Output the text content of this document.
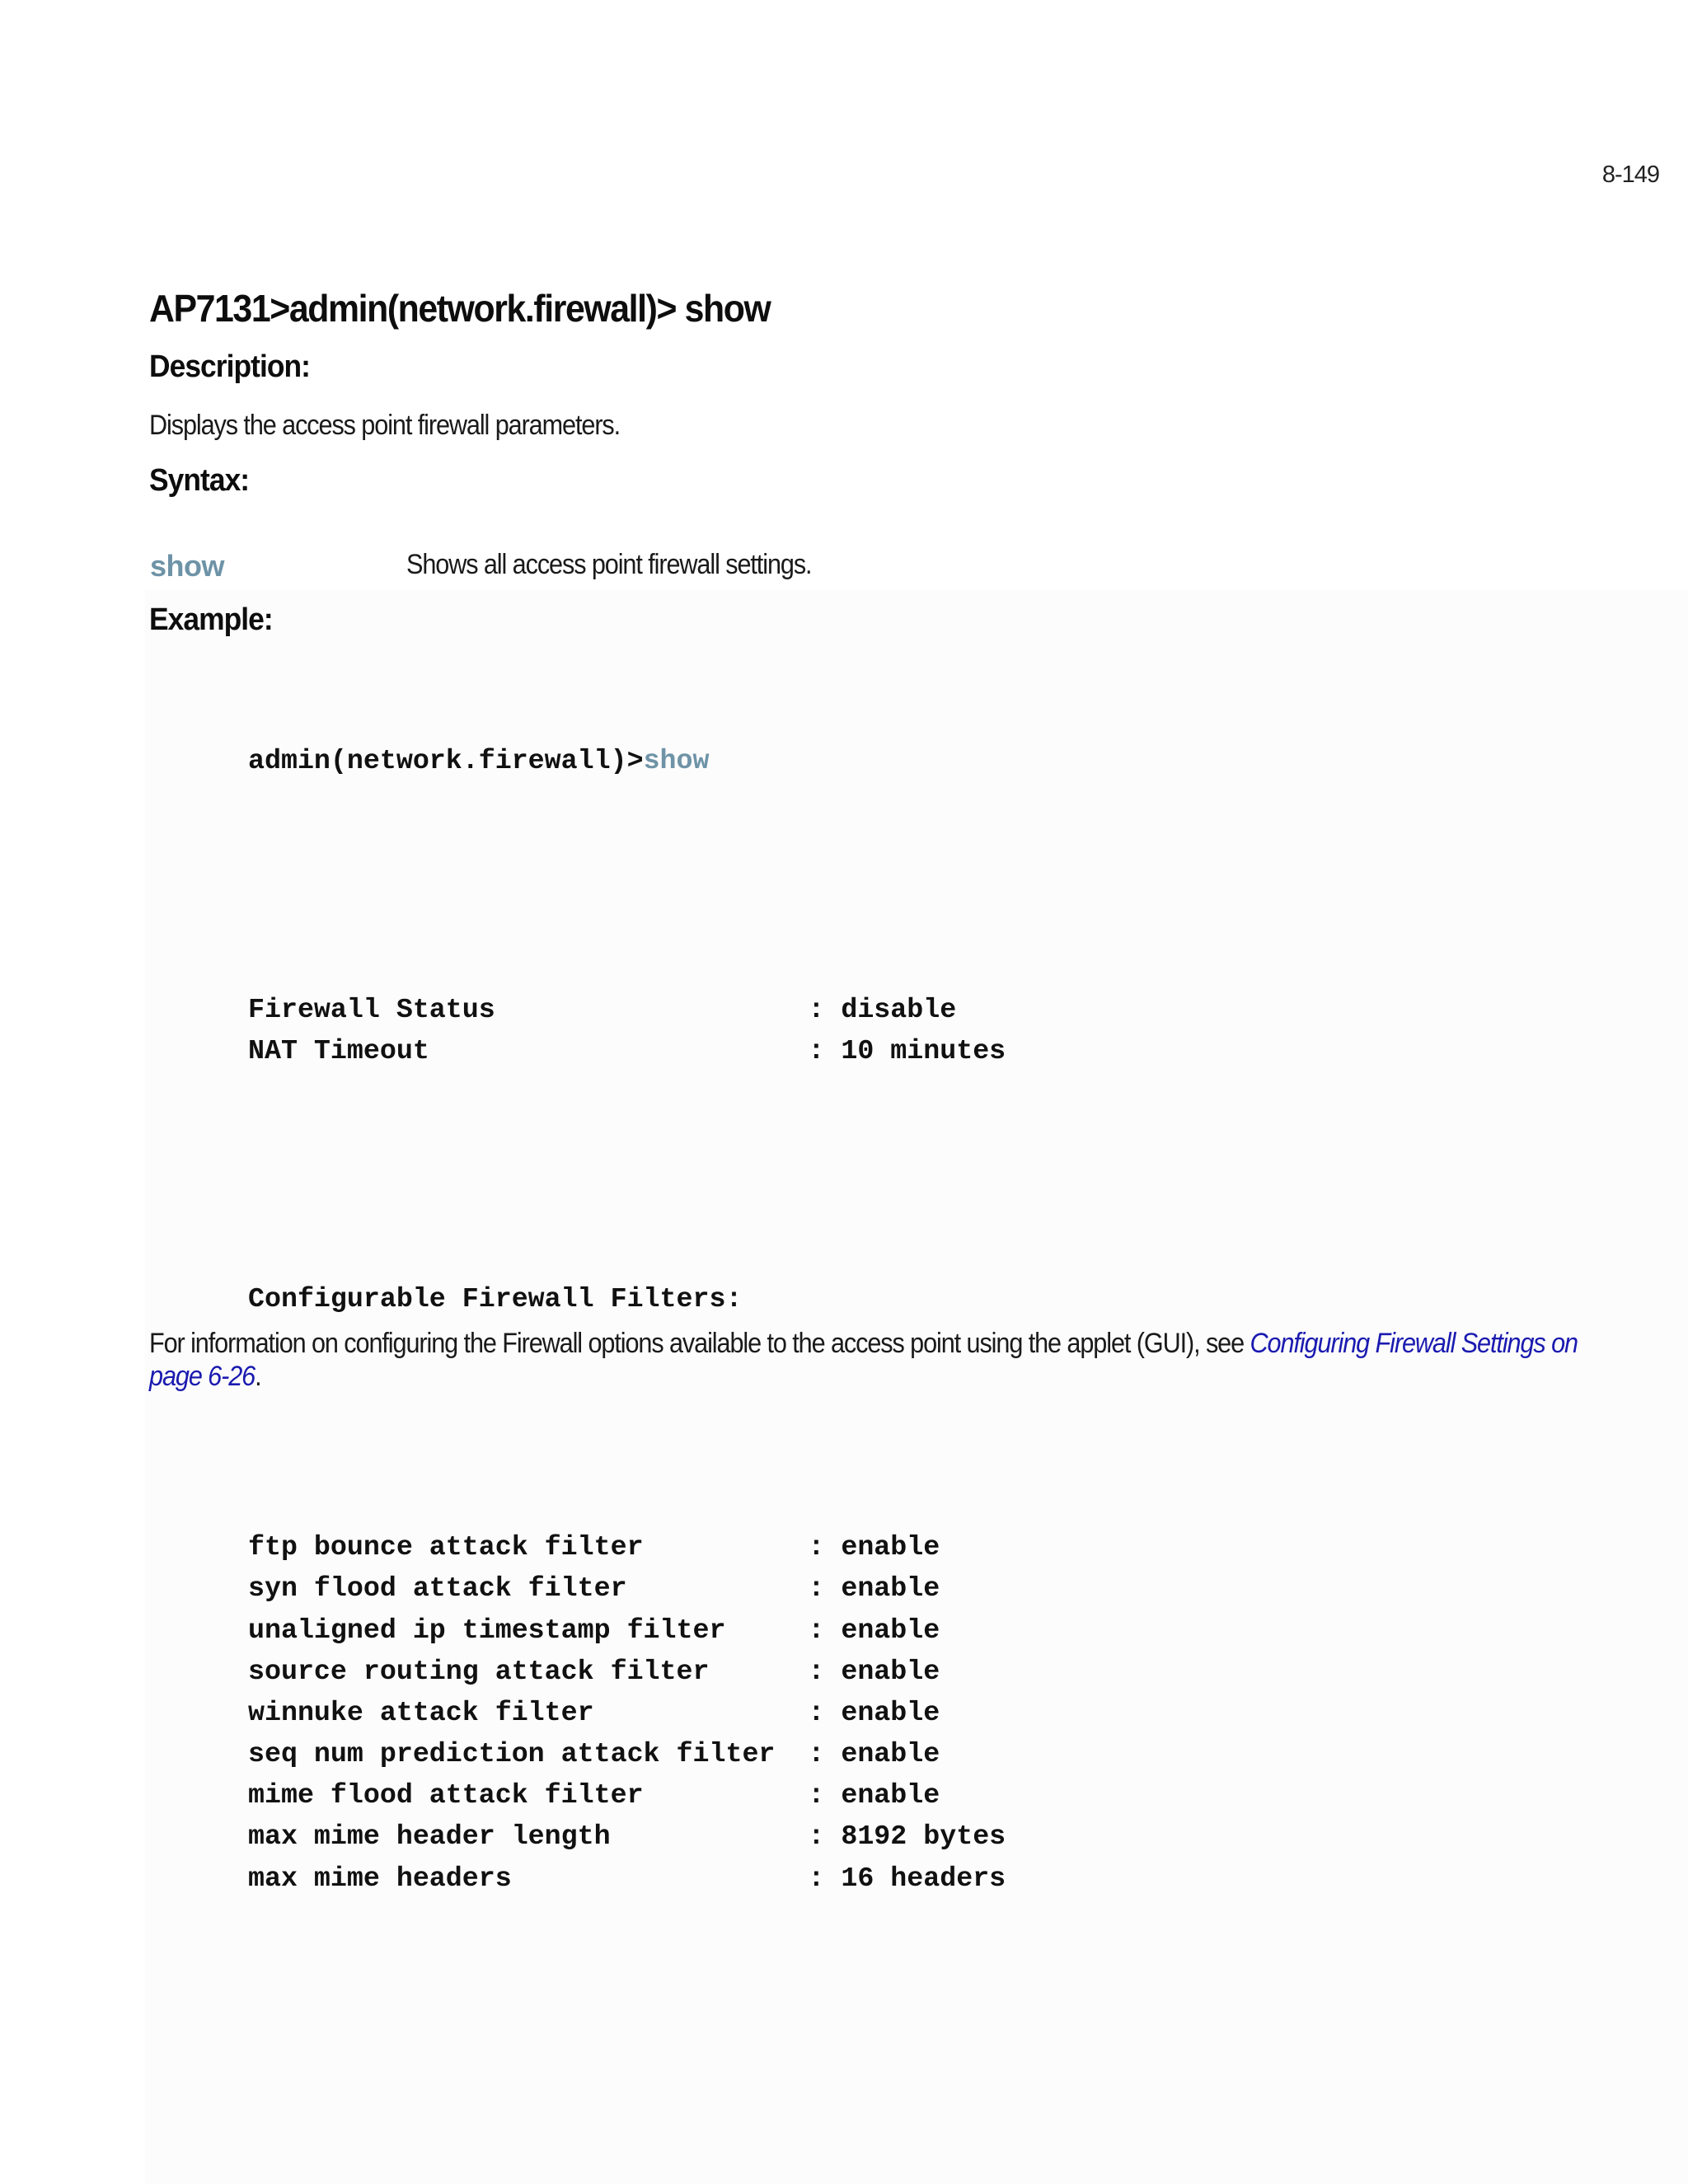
8-149
AP7131>admin(network.firewall)> show
Description:

Displays the access point firewall parameters.

Syntax:
show	Shows all access point firewall settings.
Example:

admin(network.firewall)>show

Firewall Status                   : disable
NAT Timeout                       : 10 minutes

Configurable Firewall Filters:

ftp bounce attack filter          : enable
syn flood attack filter           : enable
unaligned ip timestamp filter     : enable
source routing attack filter      : enable
winnuke attack filter             : enable
seq num prediction attack filter  : enable
mime flood attack filter          : enable
max mime header length            : 8192 bytes
max mime headers                  : 16 headers

For information on configuring the Firewall options available to the access point using the applet (GUI), see Configuring Firewall Settings on page 6-26.
